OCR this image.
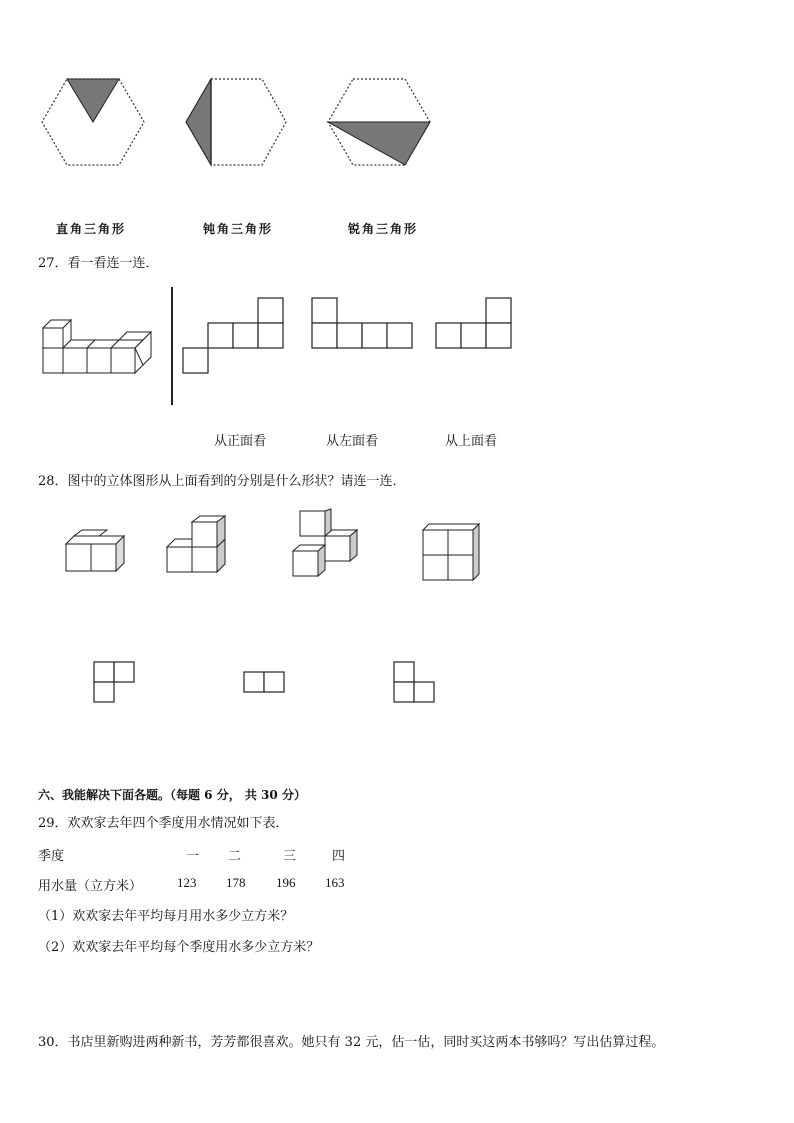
直角三角形	钝角三角形	锐角三角形
27．看一看连一连．
从正面看	从左面看	从上面看
28．图中的立体图形从上面看到的分别是什么形状？请连一连．
六、我能解决下面各题。（每题 6 分， 共 30 分）
29．欢欢家去年四个季度用水情况如下表．
季度	一 二	三	四
用水量（立方米）	123 178 196 163
（1）欢欢家去年平均每月用水多少立方米？
（2）欢欢家去年平均每个季度用水多少立方米？
30．书店里新购进两种新书，芳芳都很喜欢。她只有 32 元，估一估，同时买这两本书够吗？写出估算过程。
